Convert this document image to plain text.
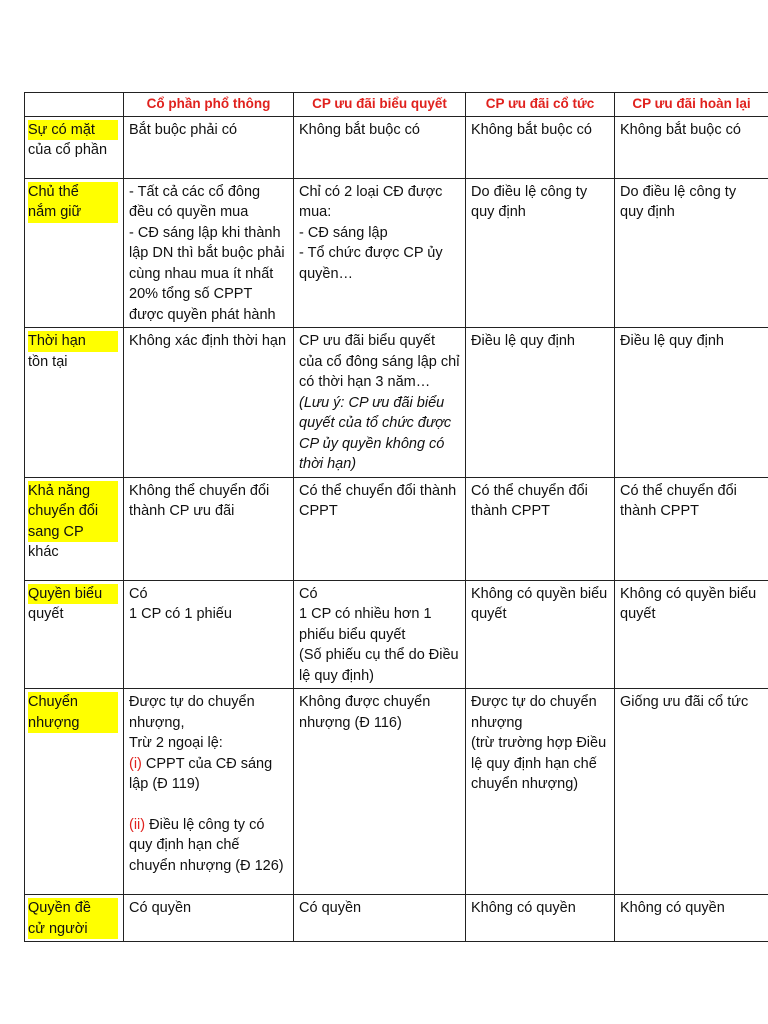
	Cổ phần phổ thông	CP ưu đãi biểu quyết	CP ưu đãi cổ tức	CP ưu đãi hoàn lại

Sự có mặt
của cổ phần	Bắt buộc phải có	Không bắt buộc có	Không bắt buộc có	Không bắt buộc có

Chủ thể
nắm giữ	- Tất cả các cổ đông đều có quyền mua
- CĐ sáng lập khi thành lập DN thì bắt buộc phải cùng nhau mua ít nhất 20% tổng số CPPT được quyền phát hành	Chỉ có 2 loại CĐ được mua:
- CĐ sáng lập
- Tổ chức được CP ủy quyền…	Do điều lệ công ty quy định	Do điều lệ công ty quy định

Thời hạn
tồn tại	Không xác định thời hạn	CP ưu đãi biểu quyết của cổ đông sáng lập chỉ có thời hạn 3 năm…
(Lưu ý: CP ưu đãi biểu quyết của tổ chức được CP ủy quyền không có thời hạn)	Điều lệ quy định	Điều lệ quy định

Khả năng
chuyển đổi
sang CP
khác	Không thể chuyển đổi thành CP ưu đãi	Có thể chuyển đổi thành CPPT	Có thể chuyển đổi thành CPPT	Có thể chuyển đổi thành CPPT

Quyền biểu
quyết	Có
1 CP có 1 phiếu	Có
1 CP có nhiều hơn 1 phiếu biểu quyết
(Số phiếu cụ thể do Điều lệ quy định)	Không có quyền biểu quyết	Không có quyền biểu quyết

Chuyển
nhượng	Được tự do chuyển nhượng,
Trừ 2 ngoại lệ:
(i) CPPT của CĐ sáng lập (Đ 119)
(ii) Điều lệ công ty có quy định hạn chế chuyển nhượng (Đ 126)	Không được chuyển nhượng (Đ 116)	Được tự do chuyển nhượng
(trừ trường hợp Điều lệ quy định hạn chế chuyển nhượng)	Giống ưu đãi cổ tức

Quyền đề
cử người	Có quyền	Có quyền	Không có quyền	Không có quyền
